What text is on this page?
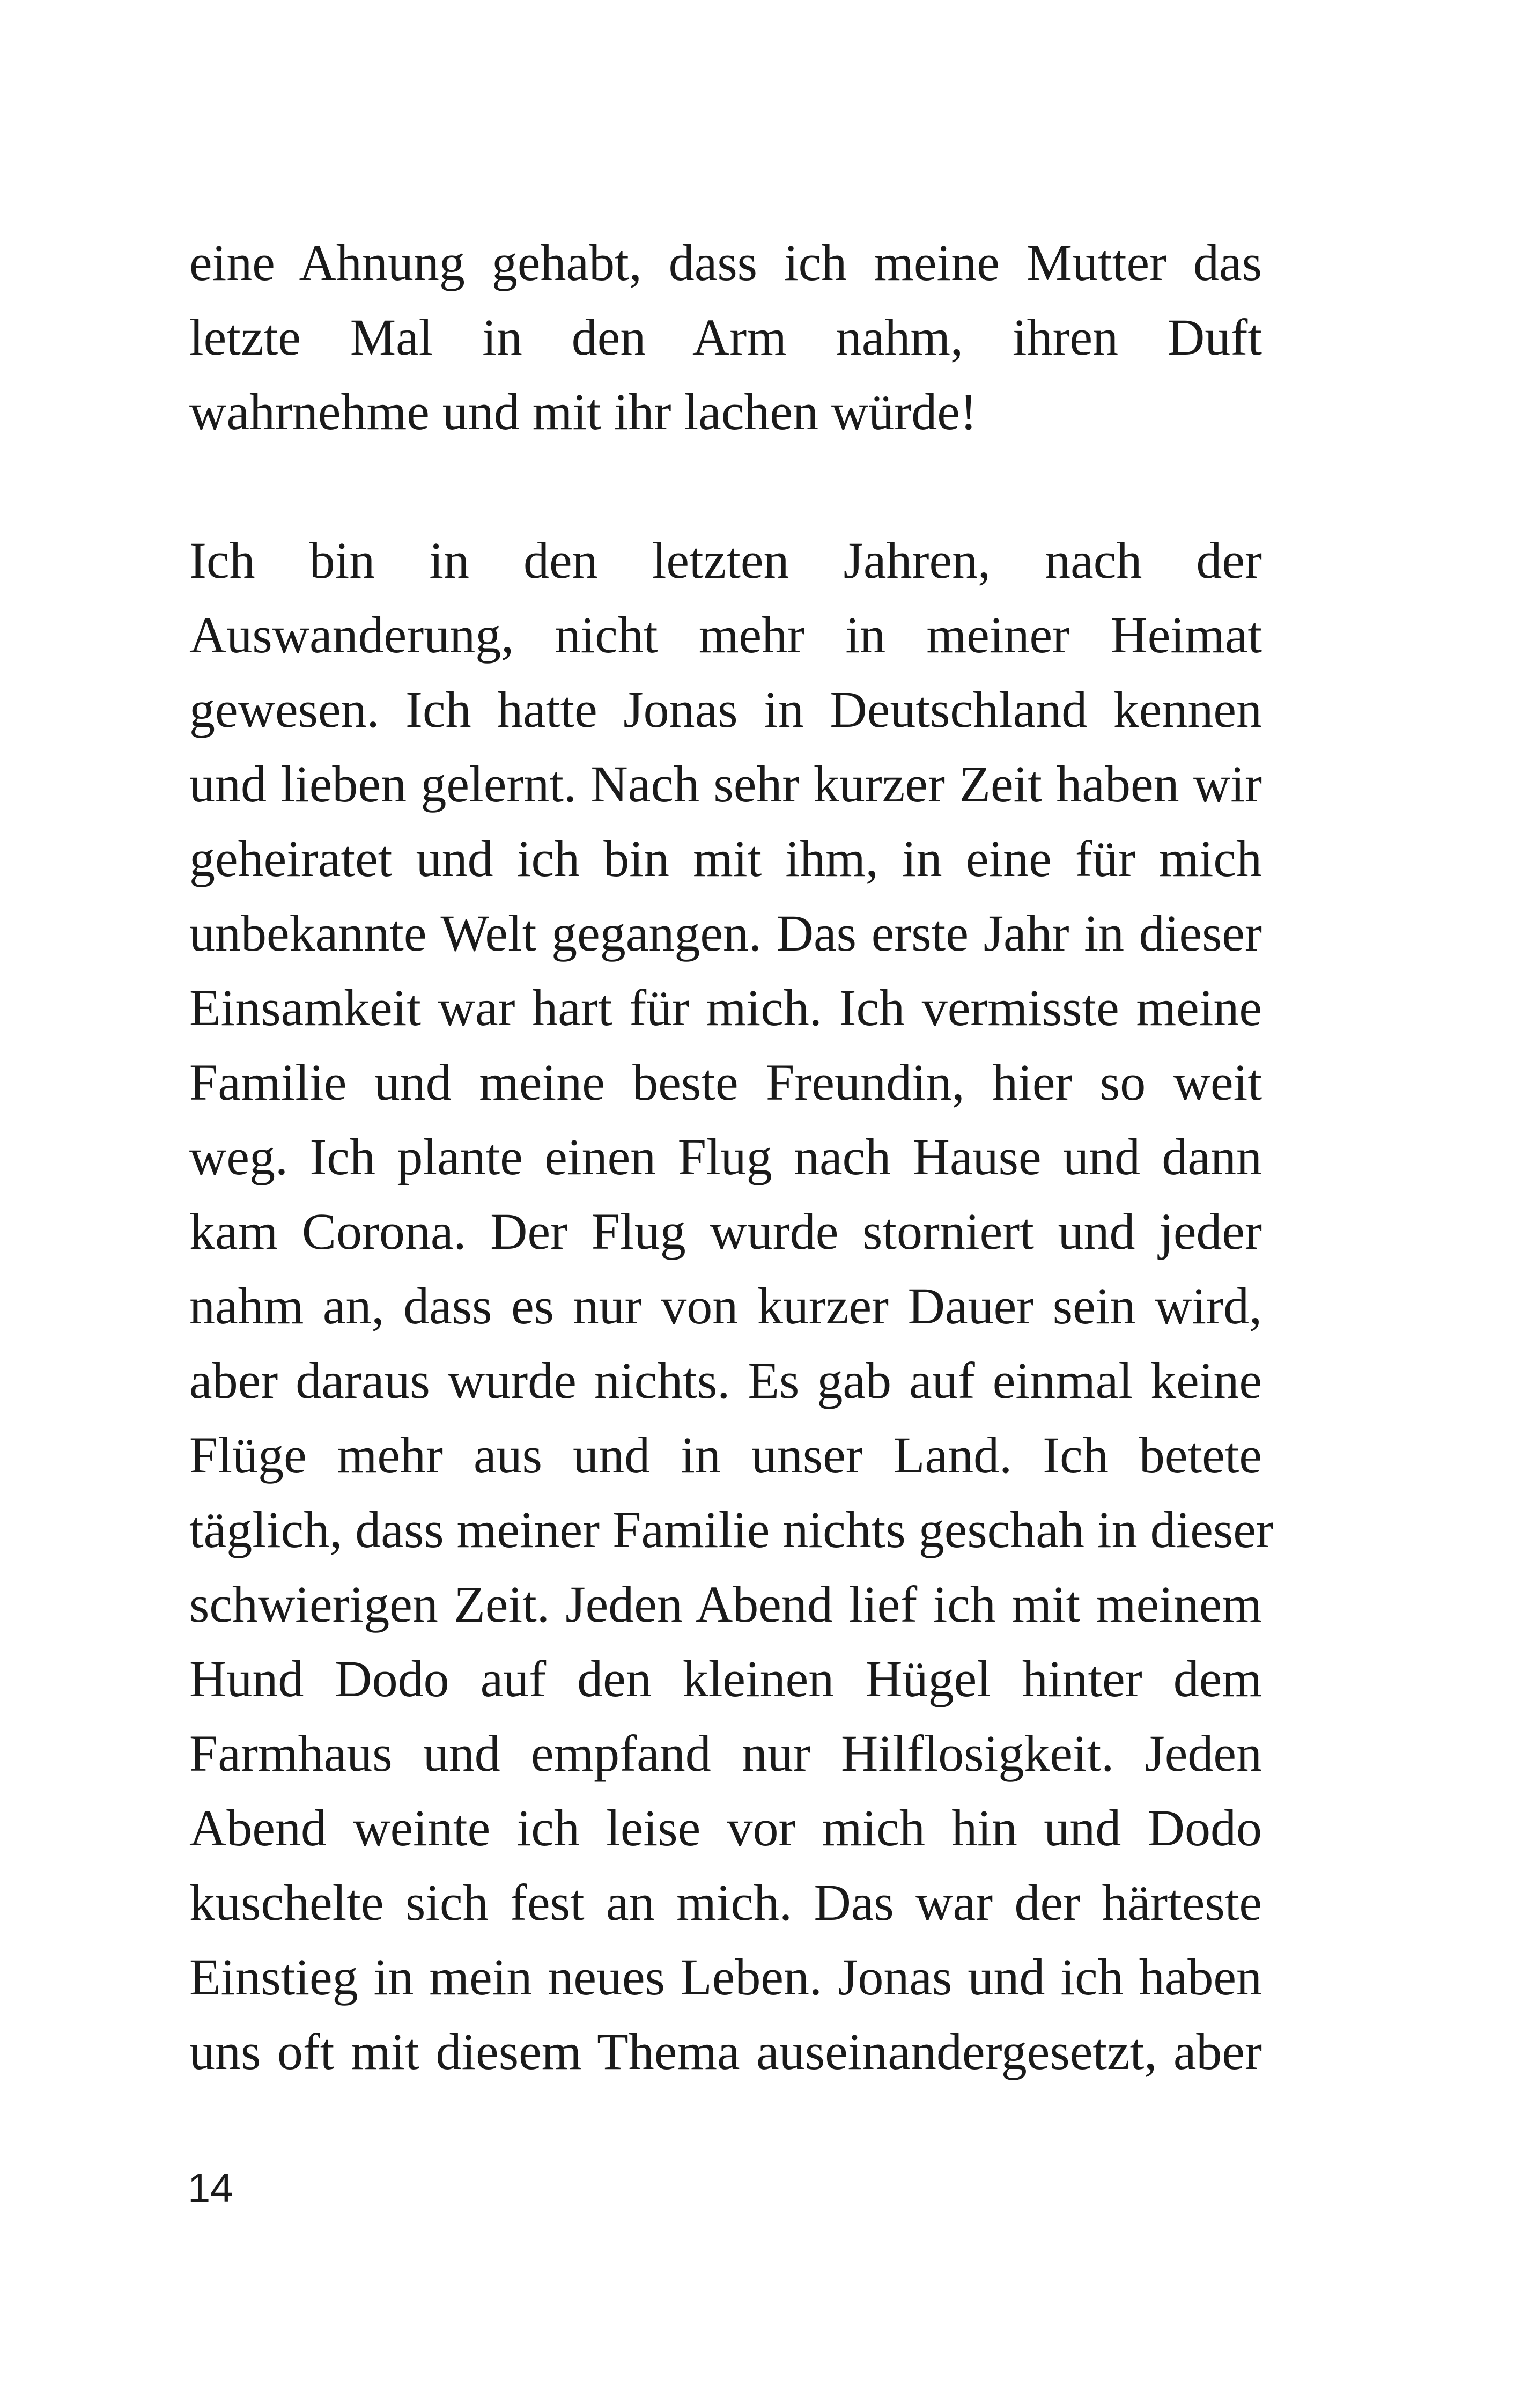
eine Ahnung gehabt, dass ich meine Mutter das
letzte Mal in den Arm nahm, ihren Duft
wahrnehme und mit ihr lachen würde!
Ich bin in den letzten Jahren, nach der
Auswanderung, nicht mehr in meiner Heimat
gewesen. Ich hatte Jonas in Deutschland kennen
und lieben gelernt. Nach sehr kurzer Zeit haben wir
geheiratet und ich bin mit ihm, in eine für mich
unbekannte Welt gegangen. Das erste Jahr in dieser
Einsamkeit war hart für mich. Ich vermisste meine
Familie und meine beste Freundin, hier so weit
weg. Ich plante einen Flug nach Hause und dann
kam Corona. Der Flug wurde storniert und jeder
nahm an, dass es nur von kurzer Dauer sein wird,
aber daraus wurde nichts. Es gab auf einmal keine
Flüge mehr aus und in unser Land. Ich betete
täglich, dass meiner Familie nichts geschah in dieser
schwierigen Zeit. Jeden Abend lief ich mit meinem
Hund Dodo auf den kleinen Hügel hinter dem
Farmhaus und empfand nur Hilflosigkeit. Jeden
Abend weinte ich leise vor mich hin und Dodo
kuschelte sich fest an mich. Das war der härteste
Einstieg in mein neues Leben. Jonas und ich haben
uns oft mit diesem Thema auseinandergesetzt, aber
14
